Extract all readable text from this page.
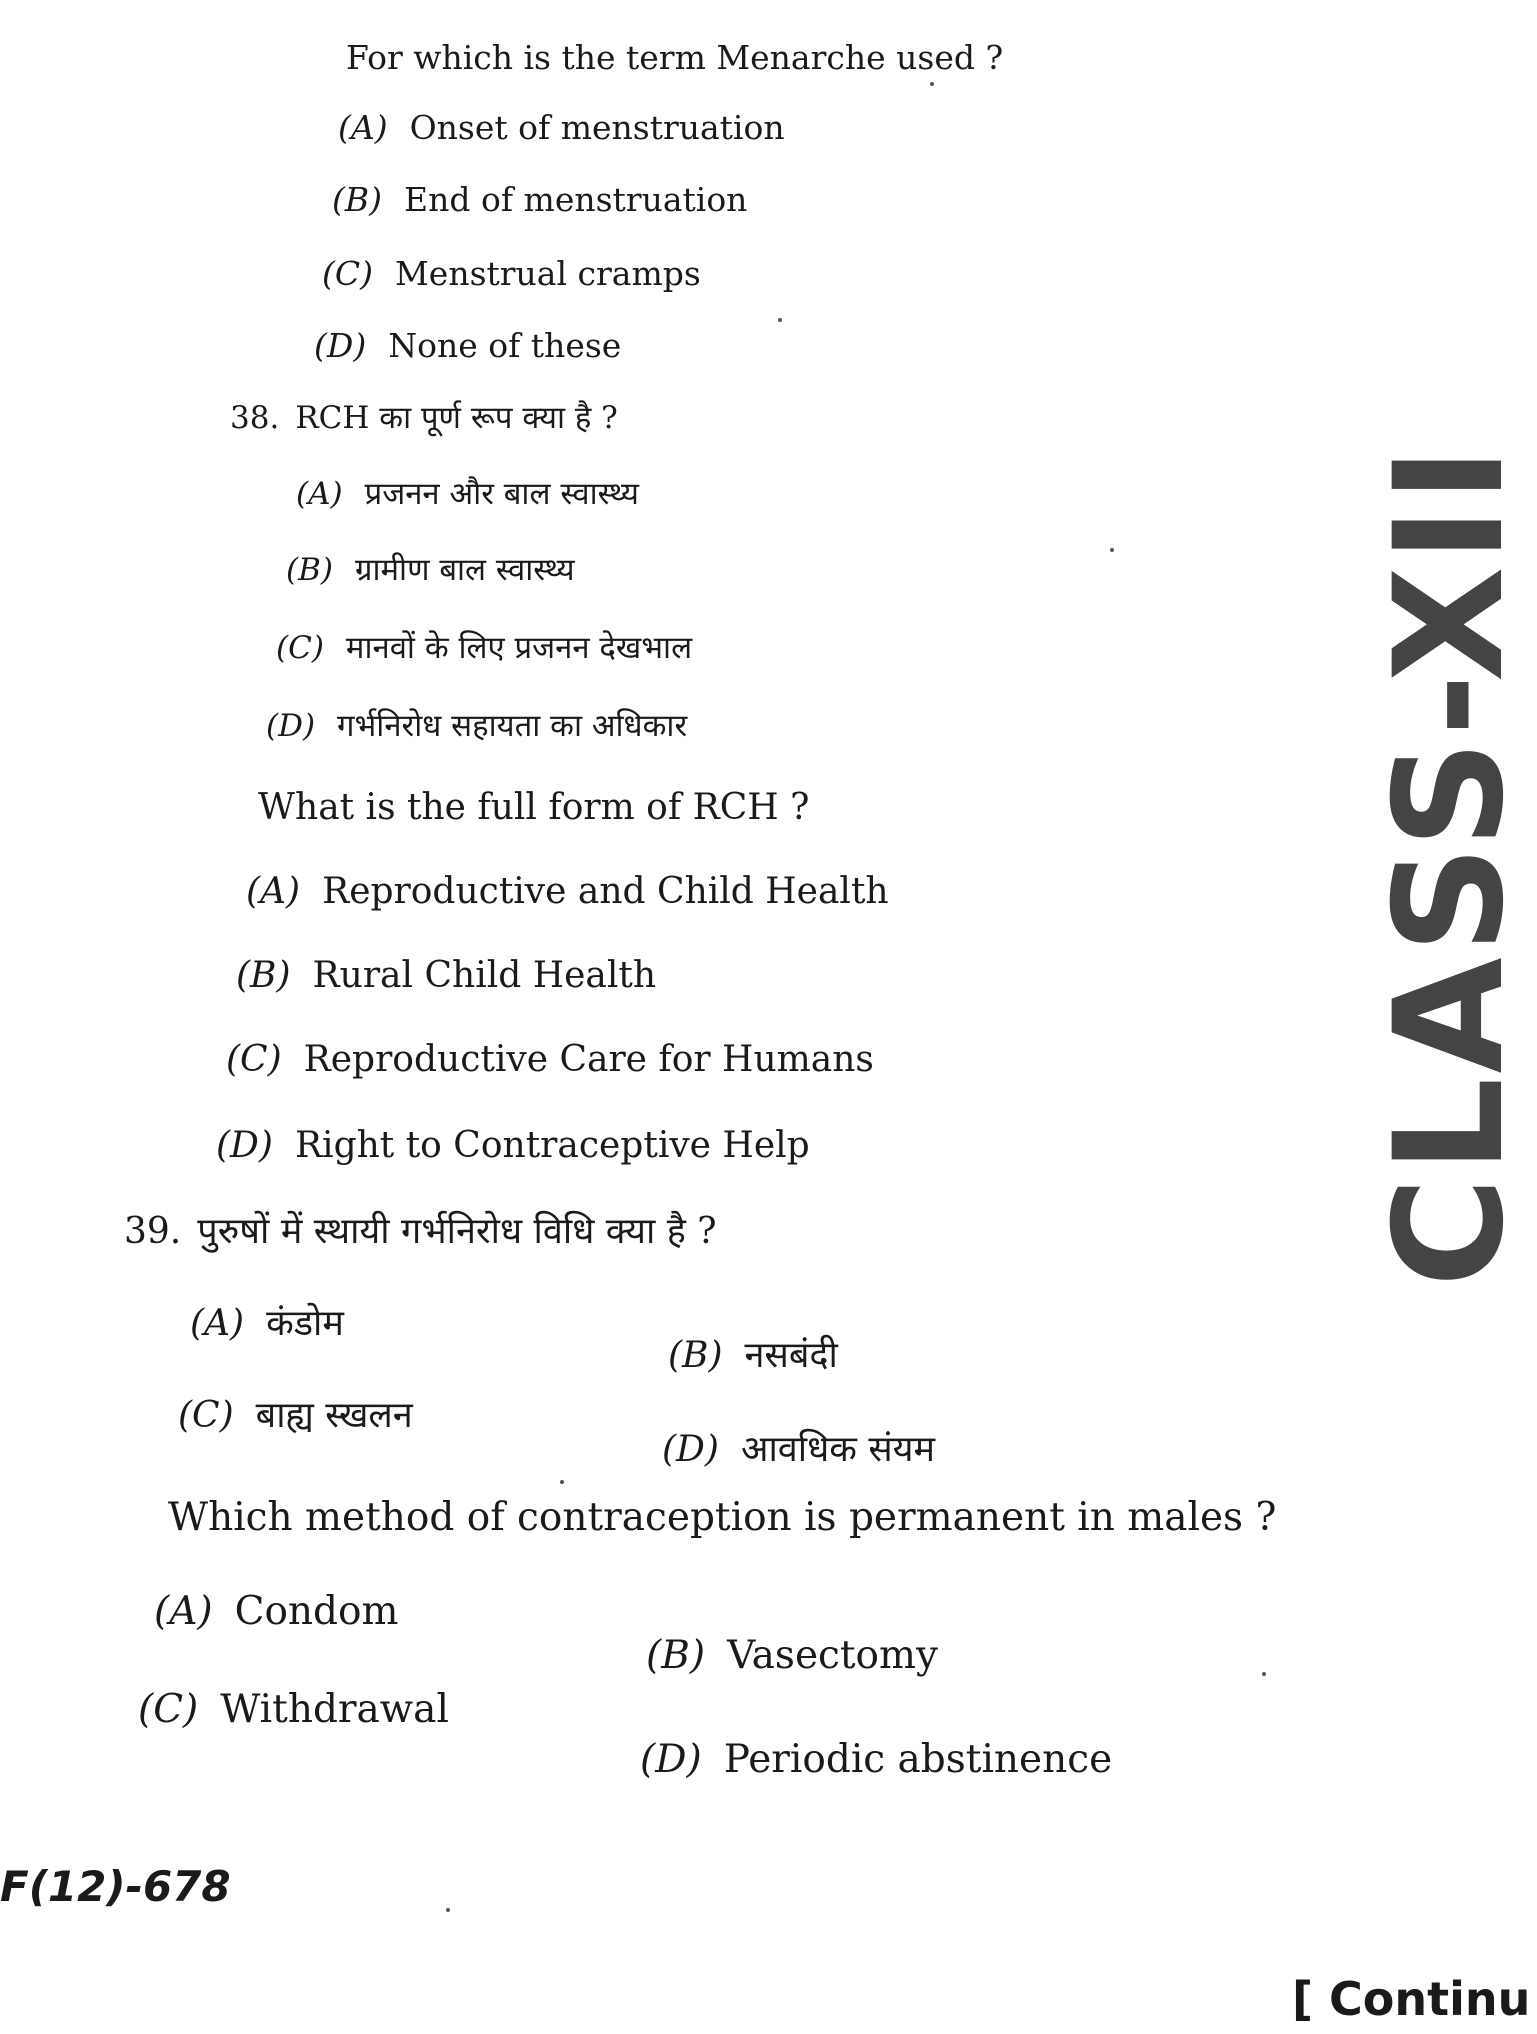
For which is the term Menarche used ?
(A) Onset of menstruation
(B) End of menstruation
(C) Menstrual cramps
(D) None of these
38. RCH का पूर्ण रूप क्या है ?
(A) प्रजनन और बाल स्वास्थ्य
(B) ग्रामीण बाल स्वास्थ्य
(C) मानवों के लिए प्रजनन देखभाल
(D) गर्भनिरोध सहायता का अधिकार
What is the full form of RCH ?
(A) Reproductive and Child Health
(B) Rural Child Health
(C) Reproductive Care for Humans
(D) Right to Contraceptive Help
39. पुरुषों में स्थायी गर्भनिरोध विधि क्या है ?
(A) कंडोम
(B) नसबंदी
(C) बाह्य स्खलन
(D) आवधिक संयम
Which method of contraception is permanent in males ?
(A) Condom
(B) Vasectomy
(C) Withdrawal
(D) Periodic abstinence
F(12)-678
[ Continu
CLASS-XII
